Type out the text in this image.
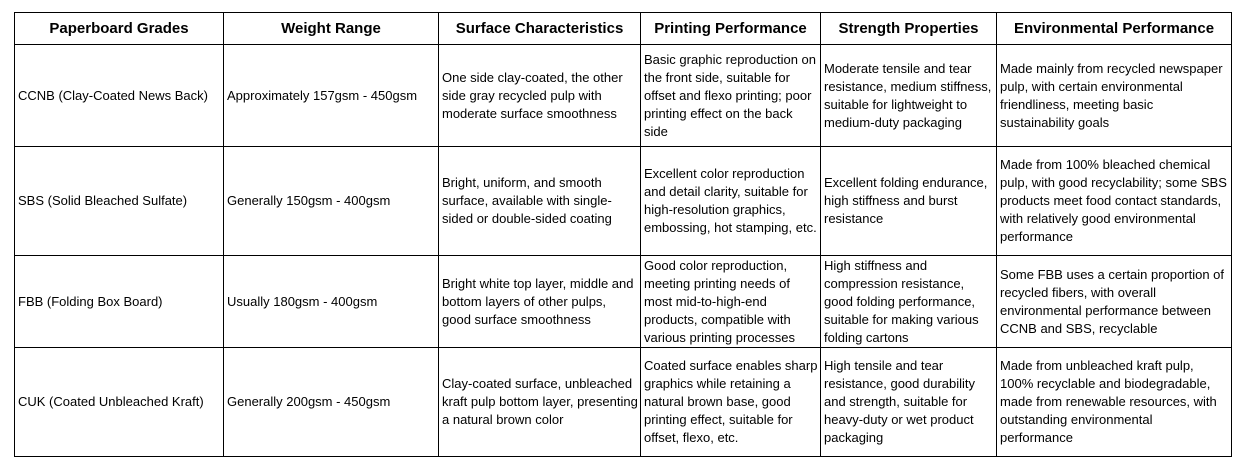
Paperboard Grades	Weight Range	Surface Characteristics	Printing Performance	Strength Properties	Environmental Performance
CCNB (Clay-Coated News Back)	Approximately 157gsm - 450gsm	One side clay-coated, the other side gray recycled pulp with moderate surface smoothness	Basic graphic reproduction on the front side, suitable for offset and flexo printing; poor printing effect on the back side	Moderate tensile and tear resistance, medium stiffness, suitable for lightweight to medium-duty packaging	Made mainly from recycled newspaper pulp, with certain environmental friendliness, meeting basic sustainability goals
SBS (Solid Bleached Sulfate)	Generally 150gsm - 400gsm	Bright, uniform, and smooth surface, available with single-sided or double-sided coating	Excellent color reproduction and detail clarity, suitable for high-resolution graphics, embossing, hot stamping, etc.	Excellent folding endurance, high stiffness and burst resistance	Made from 100% bleached chemical pulp, with good recyclability; some SBS products meet food contact standards, with relatively good environmental performance
FBB (Folding Box Board)	Usually 180gsm - 400gsm	Bright white top layer, middle and bottom layers of other pulps, good surface smoothness	Good color reproduction, meeting printing needs of most mid-to-high-end products, compatible with various printing processes	High stiffness and compression resistance, good folding performance, suitable for making various folding cartons	Some FBB uses a certain proportion of recycled fibers, with overall environmental performance between CCNB and SBS, recyclable
CUK (Coated Unbleached Kraft)	Generally 200gsm - 450gsm	Clay-coated surface, unbleached kraft pulp bottom layer, presenting a natural brown color	Coated surface enables sharp graphics while retaining a natural brown base, good printing effect, suitable for offset, flexo, etc.	High tensile and tear resistance, good durability and strength, suitable for heavy-duty or wet product packaging	Made from unbleached kraft pulp, 100% recyclable and biodegradable, made from renewable resources, with outstanding environmental performance
